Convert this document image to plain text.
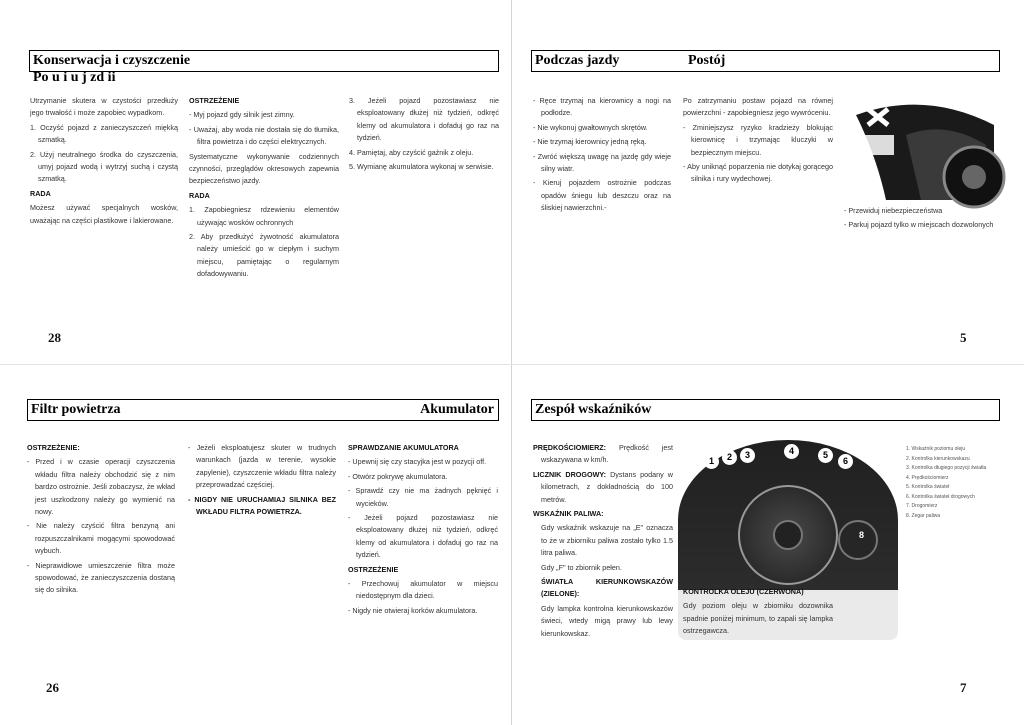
Konserwacja i czyszczenie
Po u i u j zd ii

Utrzymanie skutera w czystości przedłuży jego trwałość i może zapobiec wypadkom.

1. Oczyść pojazd z zanieczyszczeń miękką szmatką.

2. Użyj neutralnego środka do czyszczenia, umyj pojazd wodą i wytrzyj suchą i czystą szmatką.

RADA

Możesz używać specjalnych wosków, uważając na części plastikowe i lakierowane.

OSTRZEŻENIE

- Myj pojazd gdy silnik jest zimny.

- Uważaj, aby woda nie dostała się do tłumika, filtra powietrza i do części elektrycznych.

Systematyczne wykonywanie codziennych czynności, przeglądów okresowych zapewnia bezpieczeństwo jazdy.

RADA

1. Zapobiegniesz rdzewieniu elementów używając wosków ochronnych

2. Aby przedłużyć żywotność akumulatora należy umieścić go w ciepłym i suchym miejscu, pamiętając o regularnym dofadowywaniu.

3. Jeżeli pojazd pozostawiasz nie eksploatowany dłużej niż tydzień, odkręć klemy od akumulatora i dofaduj go raz na tydzień.

4. Pamiętaj, aby czyścić gaźnik z oleju.

5. Wymianę akumulatora wykonaj w serwisie.

28
Podczas jazdy	Postój

- Ręce trzymaj na kierownicy a nogi na podłodze.

- Nie wykonuj gwałtownych skrętów.

- Nie trzymaj kierownicy jedną ręką.

- Zwróć większą uwagę na jazdę gdy wieje silny wiatr.

- Kieruj pojazdem ostrożnie podczas opadów śniegu lub deszczu oraz na śliskiej nawierzchni.-

Po zatrzymaniu postaw pojazd na równej powierzchni - zapobiegniesz jego wywróceniu.

- Zminiejszysz ryzyko kradzieży blokując kierownicę i trzymając kluczyki w bezpiecznym miejscu.

- Aby uniknąć poparzenia nie dotykaj gorącego silnika i rury wydechowej.

- Przewiduj niebezpieczeństwa

- Parkuj pojazd tylko w miejscach dozwolonych

5
Filtr powietrza	Akumulator

OSTRZEŻENIE:

- Przed i w czasie operacji czyszczenia wkładu filtra należy obchodzić się z nim bardzo ostrożnie. Jeśli zobaczysz, że wkład jest uszkodzony należy go wymienić na nowy.

- Nie należy czyścić filtra benzyną ani rozpuszczalnikami mogącymi spowodować wybuch.

- Nieprawidłowe umieszczenie filtra może spowodować, że zanieczyszczenia dostaną się do silnika.

- Jeżeli eksploatujesz skuter w trudnych warunkach (jazda w terenie, wysokie zapylenie), czyszczenie wkładu filtra należy przeprowadzać częściej.

- NIGDY NIE URUCHAMIAJ SILNIKA BEZ WKŁADU FILTRA POWIETRZA.

SPRAWDZANIE AKUMULATORA

- Upewnij się czy stacyjka jest w pozycji off.

- Otwórz pokrywę akumulatora.

- Sprawdź czy nie ma żadnych pęknięć i wycieków.

- Jeżeli pojazd pozostawiasz nie eksploatowany dłużej niż tydzień, odkręć klemy od akumulatora i dofaduj go raz na tydzień.

OSTRZEŻENIE

- Przechowuj akumulator w miejscu niedostępnym dla dzieci.

- Nigdy nie otwieraj korków akumulatora.

26
Zespół wskaźników

PRĘDKOŚCIOMIERZ: Prędkość jest wskazywana w km/h.

LICZNIK DROGOWY: Dystans podany w kilometrach, z dokładnością do 100 metrów.

WSKAŹNIK PALIWA:

Gdy wskaźnik wskazuje na „E" oznacza to że w zbiorniku paliwa zostało tylko 1.5 litra paliwa.

Gdy „F" to zbiornik pełen.

ŚWIATŁA KIERUNKOWSKAZÓW (ZIELONE):

Gdy lampka kontrolna kierunkowskazów świeci, wtedy migą prawy lub lewy kierunkowskaz.

1	2	3	4	5
6
8

KONTROLKA OLEJU (CZERWONA)

Gdy poziom oleju w zbiorniku dozownika spadnie poniżej minimum, to zapali się lampka ostrzegawcza.

1. Wskaźnik poziomu oleju

2. Kontrolka kierunkowskazu

3. Kontrolka długiego pozycji światła

4. Prędkościomierz

5. Kontrolka świateł

6. Kontrolka świateł drogowych

7. Drogomierz

8. Zegar paliwa

7
